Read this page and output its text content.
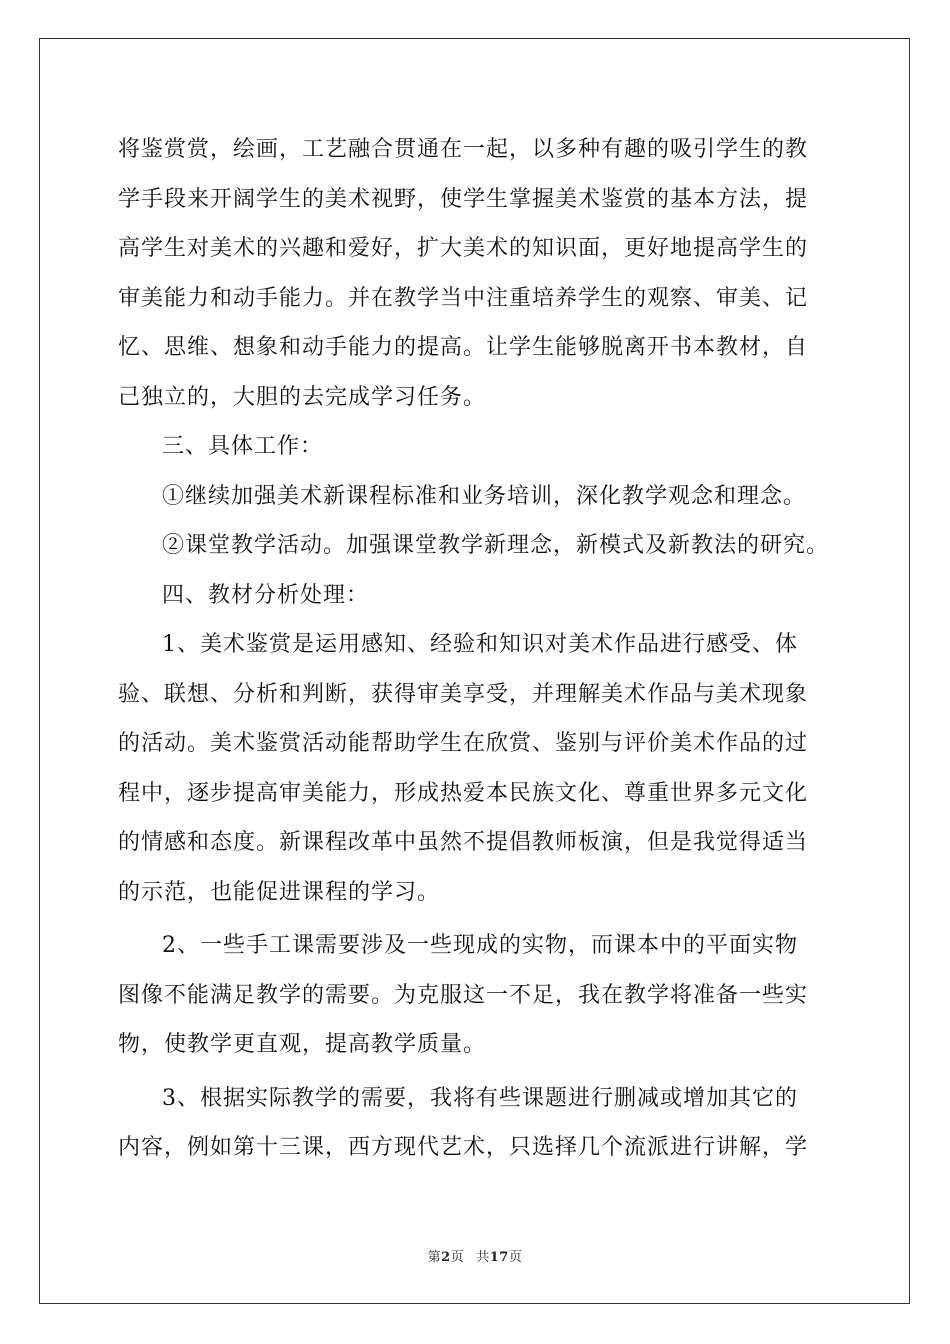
将鉴赏赏，绘画，工艺融合贯通在一起，以多种有趣的吸引学生的教
学手段来开阔学生的美术视野，使学生掌握美术鉴赏的基本方法，提
高学生对美术的兴趣和爱好，扩大美术的知识面，更好地提高学生的
审美能力和动手能力。并在教学当中注重培养学生的观察、审美、记
忆、思维、想象和动手能力的提高。让学生能够脱离开书本教材，自
己独立的，大胆的去完成学习任务。

三、具体工作：

①继续加强美术新课程标准和业务培训，深化教学观念和理念。

②课堂教学活动。加强课堂教学新理念，新模式及新教法的研究。

四、教材分析处理：

1、美术鉴赏是运用感知、经验和知识对美术作品进行感受、体
验、联想、分析和判断，获得审美享受，并理解美术作品与美术现象
的活动。美术鉴赏活动能帮助学生在欣赏、鉴别与评价美术作品的过
程中，逐步提高审美能力，形成热爱本民族文化、尊重世界多元文化
的情感和态度。新课程改革中虽然不提倡教师板演，但是我觉得适当
的示范，也能促进课程的学习。

2、一些手工课需要涉及一些现成的实物，而课本中的平面实物
图像不能满足教学的需要。为克服这一不足，我在教学将准备一些实
物，使教学更直观，提高教学质量。

3、根据实际教学的需要，我将有些课题进行删减或增加其它的
内容，例如第十三课，西方现代艺术，只选择几个流派进行讲解，学

第2页 共17页
